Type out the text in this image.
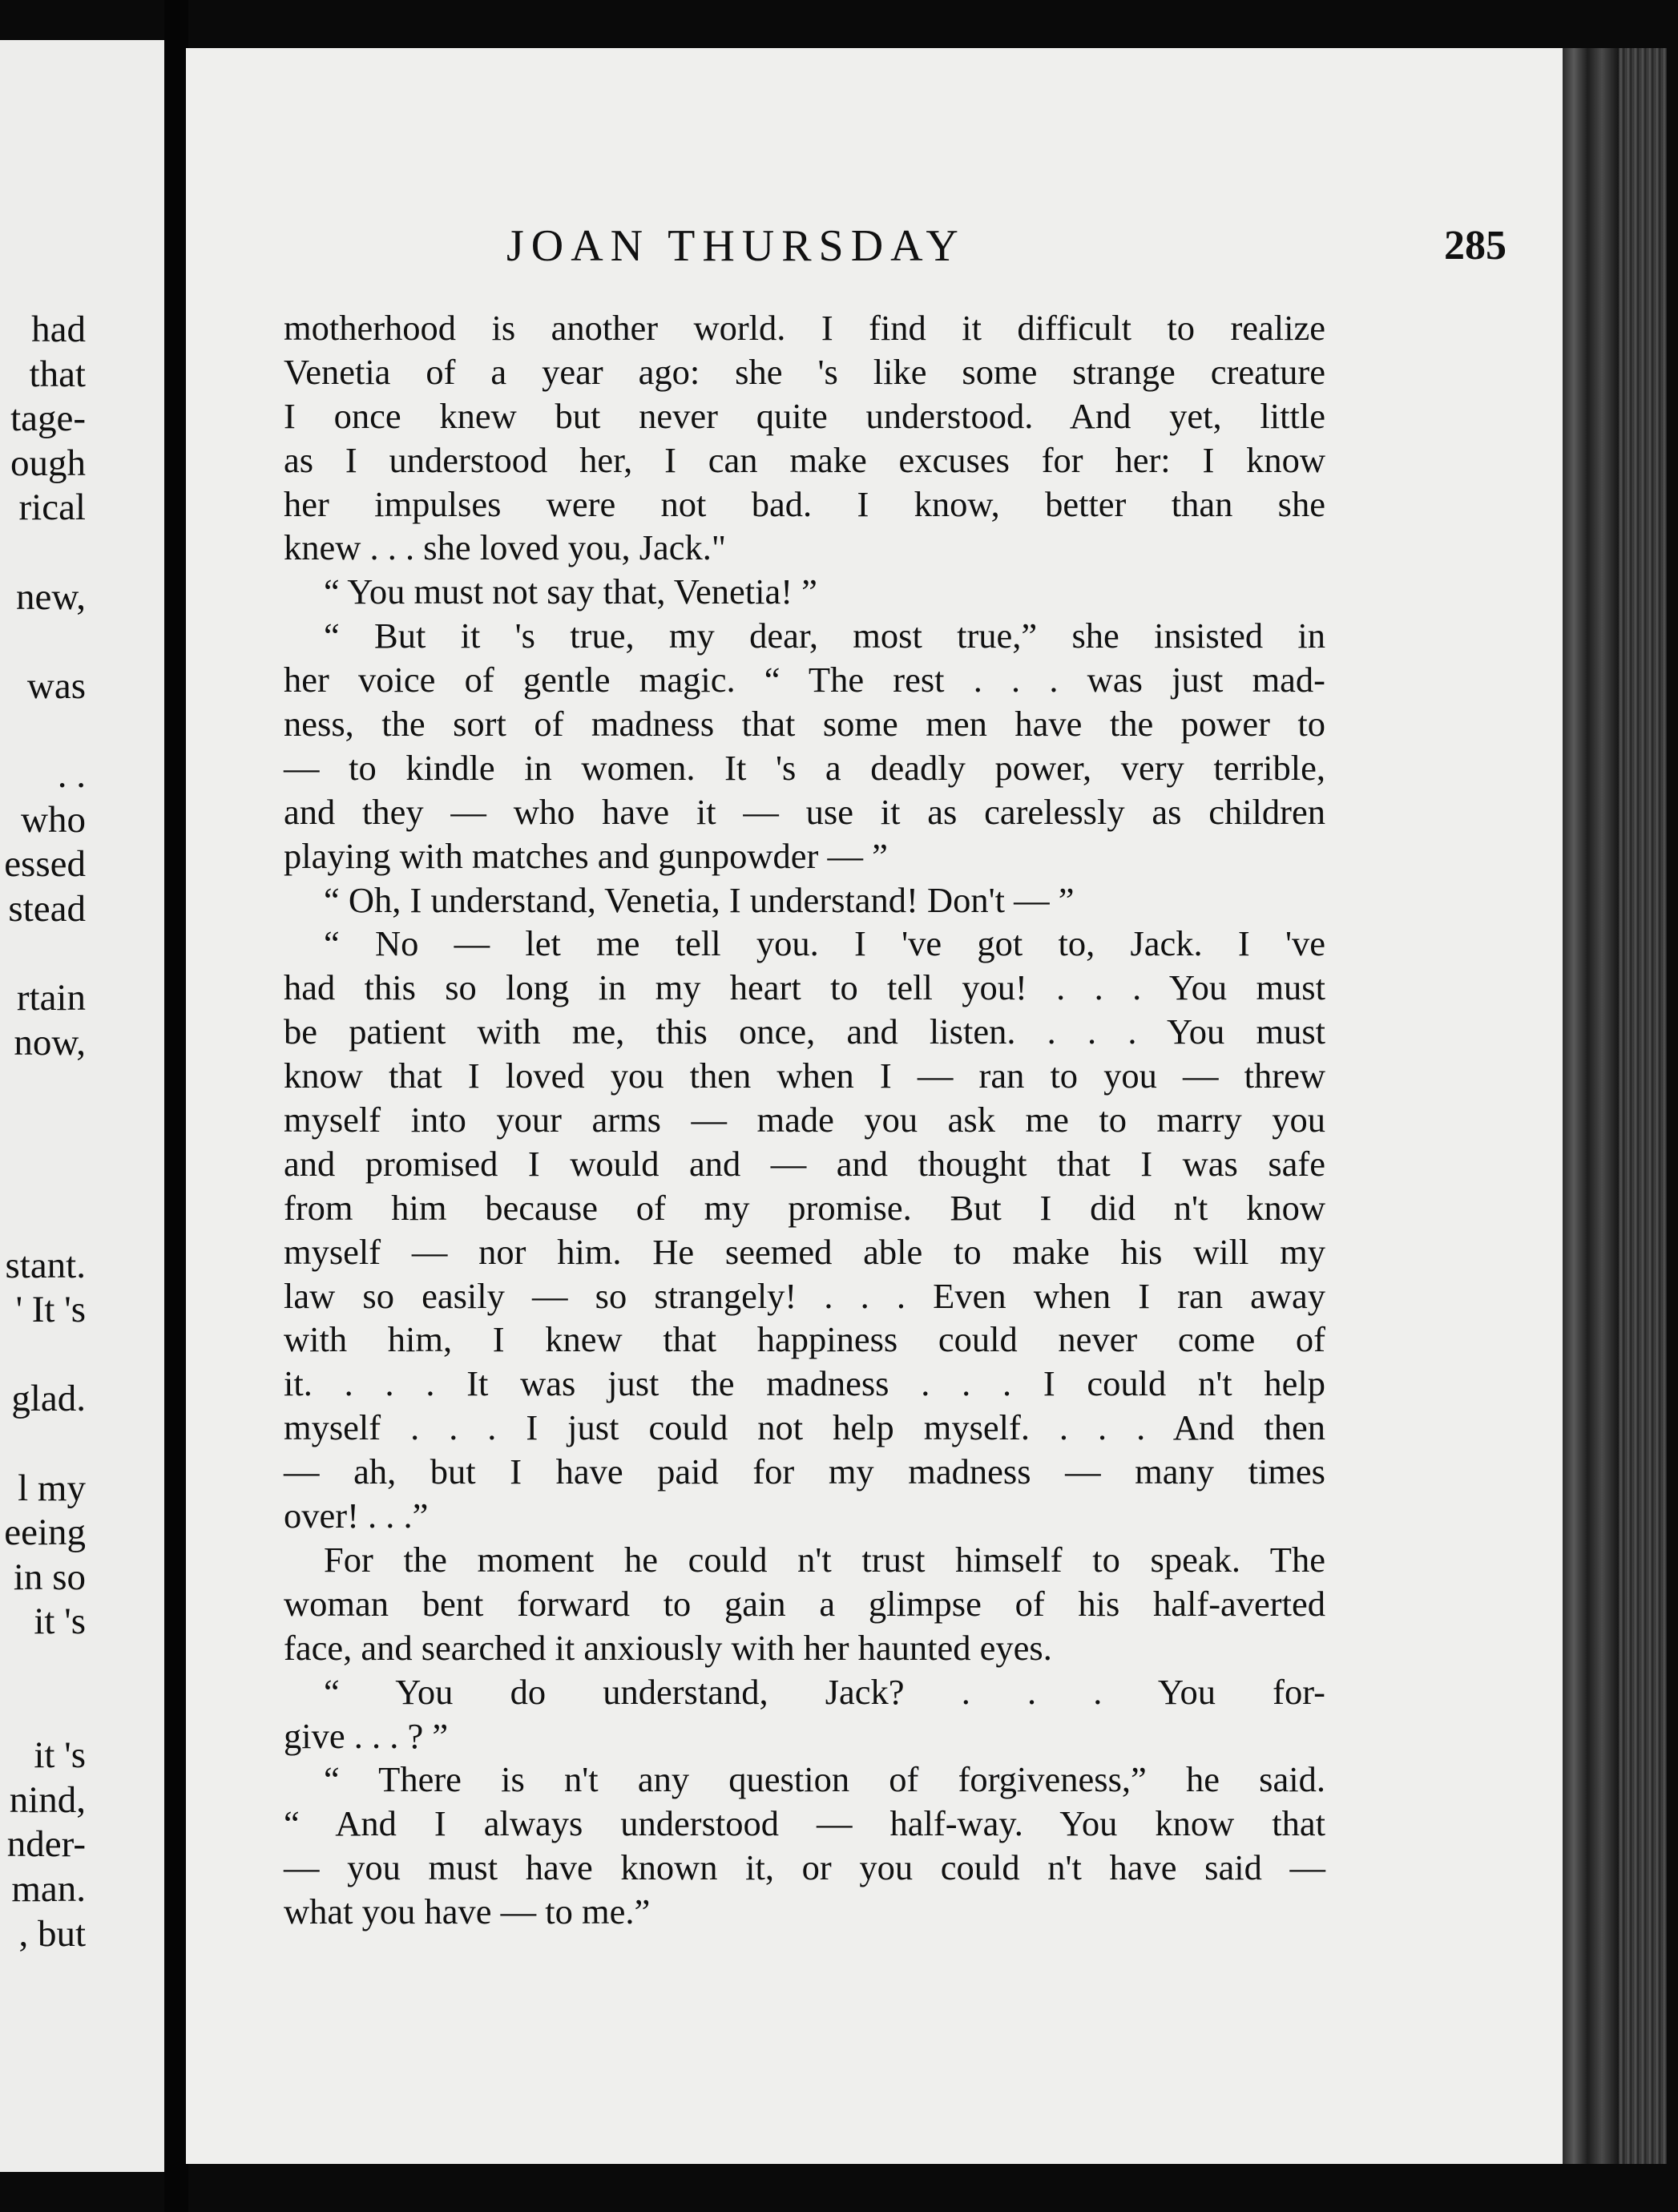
had
that
tage-
ough
rical
new,
was
. .
who
essed
stead
rtain
now,
stant.
' It 's
glad.
l my
eeing
in so
it 's
it 's
nind,
nder-
man.
, but
JOAN THURSDAY	285
motherhood is another world. I find it difficult to realize
Venetia of a year ago: she 's like some strange creature
I once knew but never quite understood. And yet, little
as I understood her, I can make excuses for her: I know
her impulses were not bad. I know, better than she
knew . . . she loved you, Jack."
“ You must not say that, Venetia! ”
“ But it 's true, my dear, most true,” she insisted in
her voice of gentle magic. “ The rest . . . was just mad-
ness, the sort of madness that some men have the power to
— to kindle in women. It 's a deadly power, very terrible,
and they — who have it — use it as carelessly as children
playing with matches and gunpowder — ”
“ Oh, I understand, Venetia, I understand! Don't — ”
“ No — let me tell you. I 've got to, Jack. I 've
had this so long in my heart to tell you! . . . You must
be patient with me, this once, and listen. . . . You must
know that I loved you then when I — ran to you — threw
myself into your arms — made you ask me to marry you
and promised I would and — and thought that I was safe
from him because of my promise. But I did n't know
myself — nor him. He seemed able to make his will my
law so easily — so strangely! . . . Even when I ran away
with him, I knew that happiness could never come of
it. . . . It was just the madness . . . I could n't help
myself . . . I just could not help myself. . . . And then
— ah, but I have paid for my madness — many times
over! . . .”
For the moment he could n't trust himself to speak. The
woman bent forward to gain a glimpse of his half-averted
face, and searched it anxiously with her haunted eyes.
“ You do understand, Jack? . . . You for-
give . . . ? ”
“ There is n't any question of forgiveness,” he said.
“ And I always understood — half-way. You know that
— you must have known it, or you could n't have said —
what you have — to me.”
